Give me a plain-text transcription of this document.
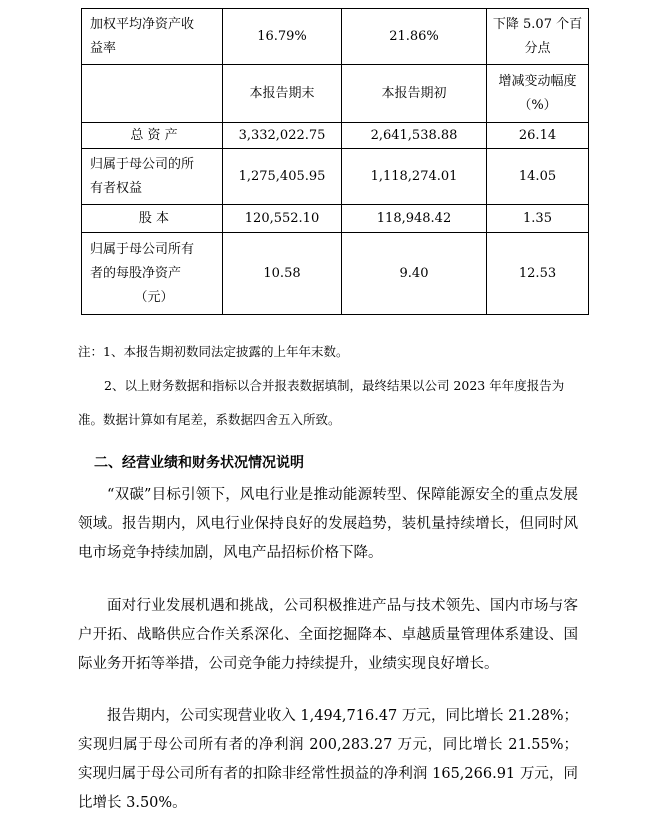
加权平均净资产收
益率	16.79%	21.86%	下降 5.07 个百
分点

	本报告期末	本报告期初	增减变动幅度
（%）

总 资 产	3,332,022.75	2,641,538.88	26.14

归属于母公司的所
有者权益	1,275,405.95	1,118,274.01	14.05
股 本	120,552.10	118,948.42	1.35

归属于母公司所有
者的每股净资产
（元）	10.58	9.40	12.53
注：1、本报告期初数同法定披露的上年年末数。
2、以上财务数据和指标以合并报表数据填制，最终结果以公司 2023 年年度报告为
准。数据计算如有尾差，系数据四舍五入所致。
二、经营业绩和财务状况情况说明
“双碳”目标引领下，风电行业是推动能源转型、保障能源安全的重点发展领域。报告期内，风电行业保持良好的发展趋势，装机量持续增长，但同时风电市场竞争持续加剧，风电产品招标价格下降。
面对行业发展机遇和挑战，公司积极推进产品与技术领先、国内市场与客户开拓、战略供应合作关系深化、全面挖掘降本、卓越质量管理体系建设、国际业务开拓等举措，公司竞争能力持续提升，业绩实现良好增长。
报告期内，公司实现营业收入 1,494,716.47 万元，同比增长 21.28%；实现归属于母公司所有者的净利润 200,283.27 万元，同比增长 21.55%；实现归属于母公司所有者的扣除非经常性损益的净利润 165,266.91 万元，同比增长 3.50%。
